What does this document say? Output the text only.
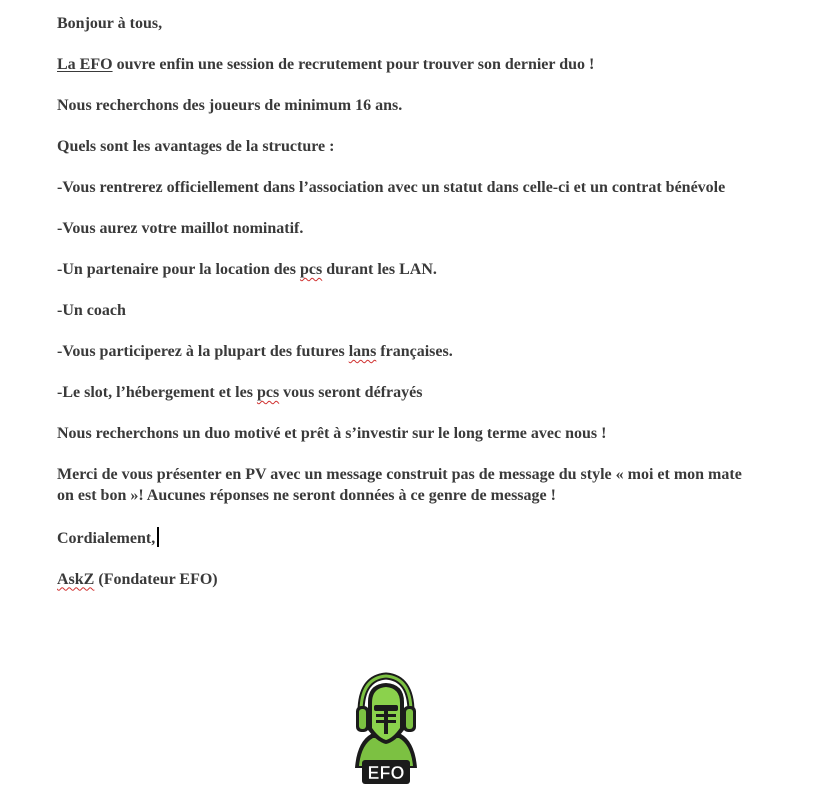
Bonjour à tous,

La EFO ouvre enfin une session de recrutement pour trouver son dernier duo !

Nous recherchons des joueurs de minimum 16 ans.

Quels sont les avantages de la structure :

-Vous rentrerez officiellement dans l’association avec un statut dans celle-ci et un contrat bénévole

-Vous aurez votre maillot nominatif.

-Un partenaire pour la location des pcs durant les LAN.

-Un coach

-Vous participerez à la plupart des futures lans françaises.

-Le slot, l’hébergement et les pcs vous seront défrayés

Nous recherchons un duo motivé et prêt à s’investir sur le long terme avec nous !

Merci de vous présenter en PV avec un message construit pas de message du style « moi et mon mate on est bon »! Aucunes réponses ne seront données à ce genre de message !

Cordialement,

AskZ (Fondateur EFO)

EFO
